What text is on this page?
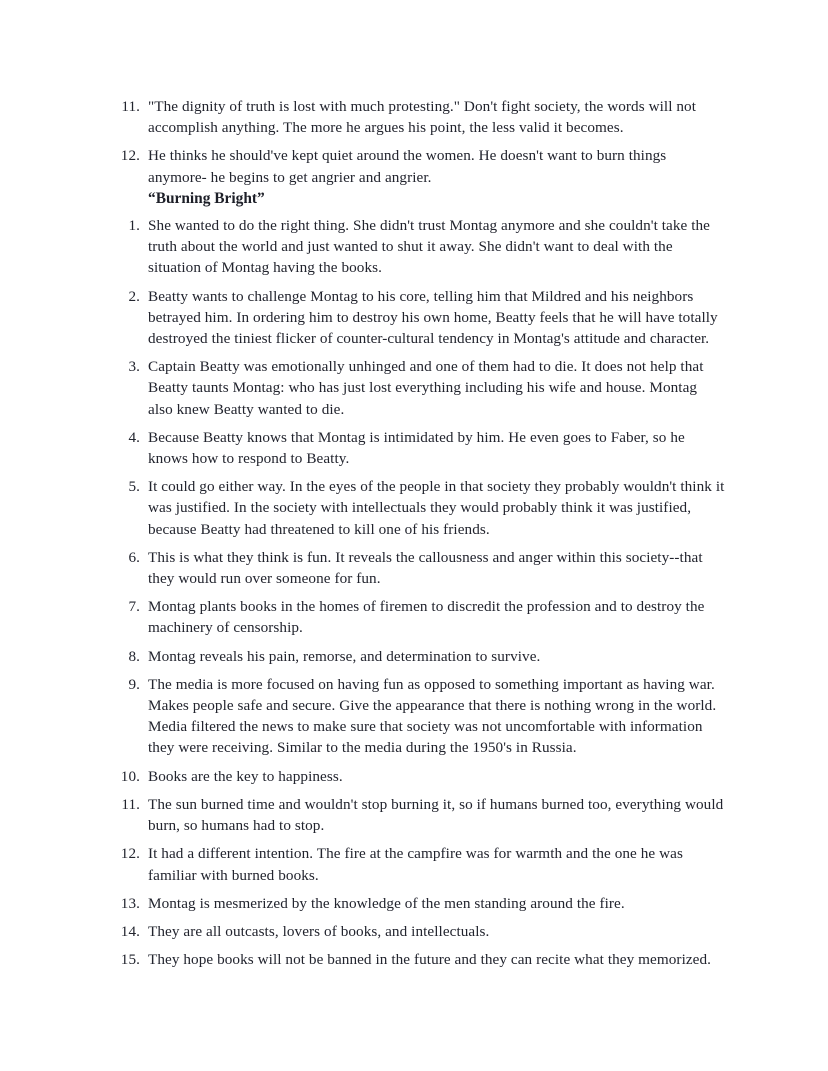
11. "The dignity of truth is lost with much protesting." Don't fight society, the words will not accomplish anything. The more he argues his point, the less valid it becomes.
12. He thinks he should've kept quiet around the women. He doesn't want to burn things anymore- he begins to get angrier and angrier.
“Burning Bright”
1. She wanted to do the right thing. She didn't trust Montag anymore and she couldn't take the truth about the world and just wanted to shut it away. She didn't want to deal with the situation of Montag having the books.
2. Beatty wants to challenge Montag to his core, telling him that Mildred and his neighbors betrayed him. In ordering him to destroy his own home, Beatty feels that he will have totally destroyed the tiniest flicker of counter-cultural tendency in Montag's attitude and character.
3. Captain Beatty was emotionally unhinged and one of them had to die. It does not help that Beatty taunts Montag: who has just lost everything including his wife and house. Montag also knew Beatty wanted to die.
4. Because Beatty knows that Montag is intimidated by him. He even goes to Faber, so he knows how to respond to Beatty.
5. It could go either way. In the eyes of the people in that society they probably wouldn't think it was justified. In the society with intellectuals they would probably think it was justified, because Beatty had threatened to kill one of his friends.
6. This is what they think is fun. It reveals the callousness and anger within this society--that they would run over someone for fun.
7. Montag plants books in the homes of firemen to discredit the profession and to destroy the machinery of censorship.
8. Montag reveals his pain, remorse, and determination to survive.
9. The media is more focused on having fun as opposed to something important as having war. Makes people safe and secure. Give the appearance that there is nothing wrong in the world. Media filtered the news to make sure that society was not uncomfortable with information they were receiving. Similar to the media during the 1950's in Russia.
10. Books are the key to happiness.
11. The sun burned time and wouldn't stop burning it, so if humans burned too, everything would burn, so humans had to stop.
12. It had a different intention. The fire at the campfire was for warmth and the one he was familiar with burned books.
13. Montag is mesmerized by the knowledge of the men standing around the fire.
14. They are all outcasts, lovers of books, and intellectuals.
15. They hope books will not be banned in the future and they can recite what they memorized.
